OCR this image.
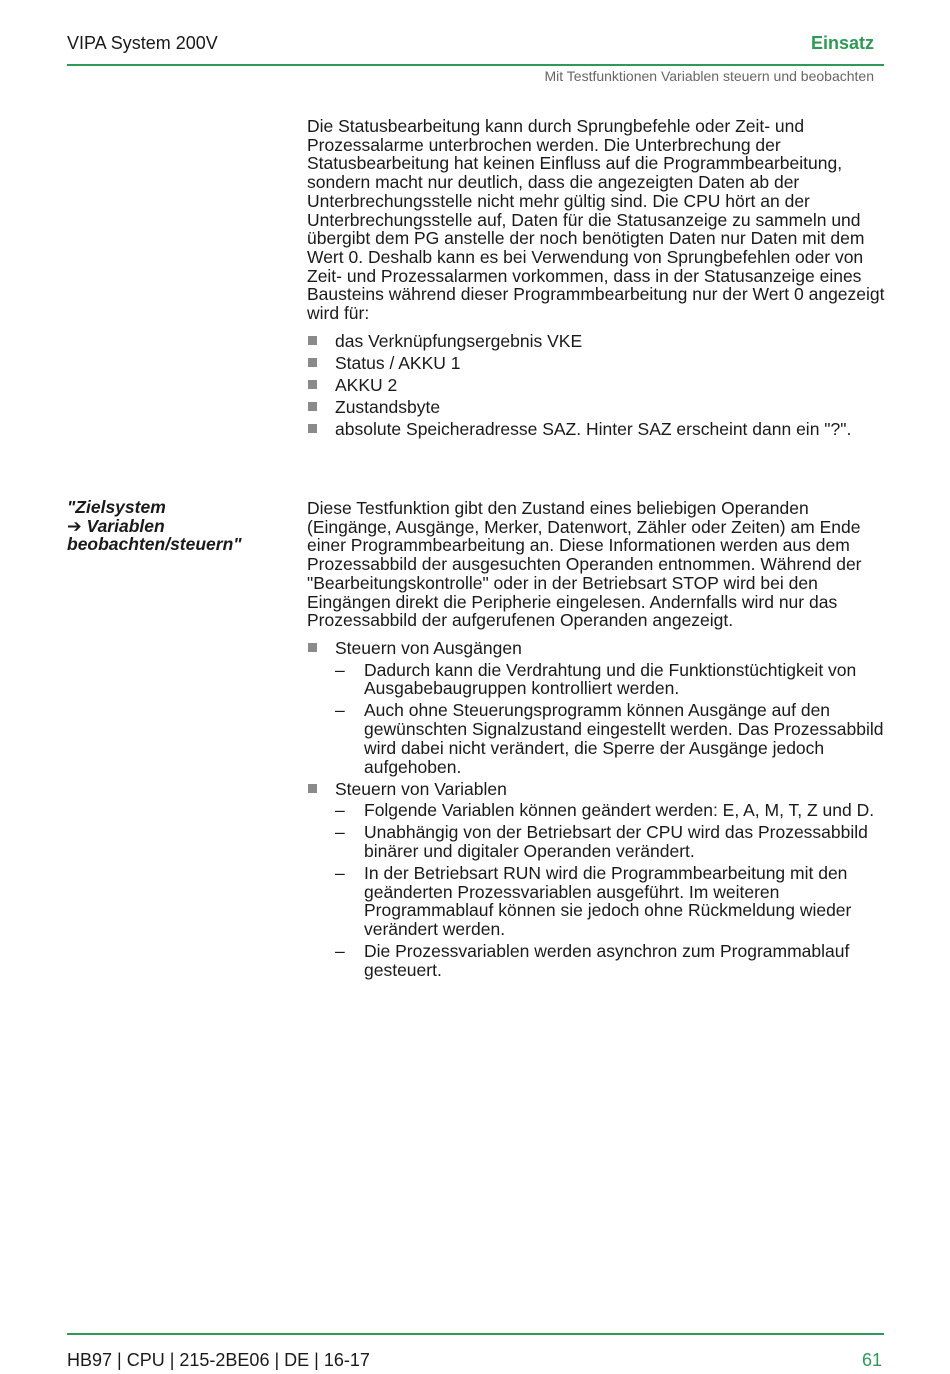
VIPA System 200V	Einsatz
Mit Testfunktionen Variablen steuern und beobachten

Die Statusbearbeitung kann durch Sprungbefehle oder Zeit- und Prozessalarme unterbrochen werden. Die Unterbrechung der Statusbearbeitung hat keinen Einfluss auf die Programmbearbeitung, sondern macht nur deutlich, dass die angezeigten Daten ab der Unterbrechungsstelle nicht mehr gültig sind. Die CPU hört an der Unterbrechungsstelle auf, Daten für die Statusanzeige zu sammeln und übergibt dem PG anstelle der noch benötigten Daten nur Daten mit dem Wert 0. Deshalb kann es bei Verwendung von Sprungbefehlen oder von Zeit- und Prozessalarmen vorkommen, dass in der Statusanzeige eines Bausteins während dieser Programmbearbeitung nur der Wert 0 angezeigt wird für:

das Verknüpfungsergebnis VKE
Status / AKKU 1
AKKU 2
Zustandsbyte
absolute Speicheradresse SAZ. Hinter SAZ erscheint dann ein "?".
"Zielsystem
➔ Variablen
beobachten/steuern"

Diese Testfunktion gibt den Zustand eines beliebigen Operanden (Eingänge, Ausgänge, Merker, Datenwort, Zähler oder Zeiten) am Ende einer Programmbearbeitung an. Diese Informationen werden aus dem Prozessabbild der ausgesuchten Operanden entnommen. Während der "Bearbeitungskontrolle" oder in der Betriebsart STOP wird bei den Eingängen direkt die Peripherie eingelesen. Andernfalls wird nur das Prozessabbild der aufgerufenen Operanden angezeigt.

Steuern von Ausgängen
– Dadurch kann die Verdrahtung und die Funktionstüchtigkeit von Ausgabebaugruppen kontrolliert werden.
– Auch ohne Steuerungsprogramm können Ausgänge auf den gewünschten Signalzustand eingestellt werden. Das Prozessabbild wird dabei nicht verändert, die Sperre der Ausgänge jedoch aufgehoben.
Steuern von Variablen
– Folgende Variablen können geändert werden: E, A, M, T, Z und D.
– Unabhängig von der Betriebsart der CPU wird das Prozessabbild binärer und digitaler Operanden verändert.
– In der Betriebsart RUN wird die Programmbearbeitung mit den geänderten Prozessvariablen ausgeführt. Im weiteren Programmablauf können sie jedoch ohne Rückmeldung wieder verändert werden.
– Die Prozessvariablen werden asynchron zum Programmablauf gesteuert.
HB97 | CPU | 215-2BE06 | DE | 16-17	61
